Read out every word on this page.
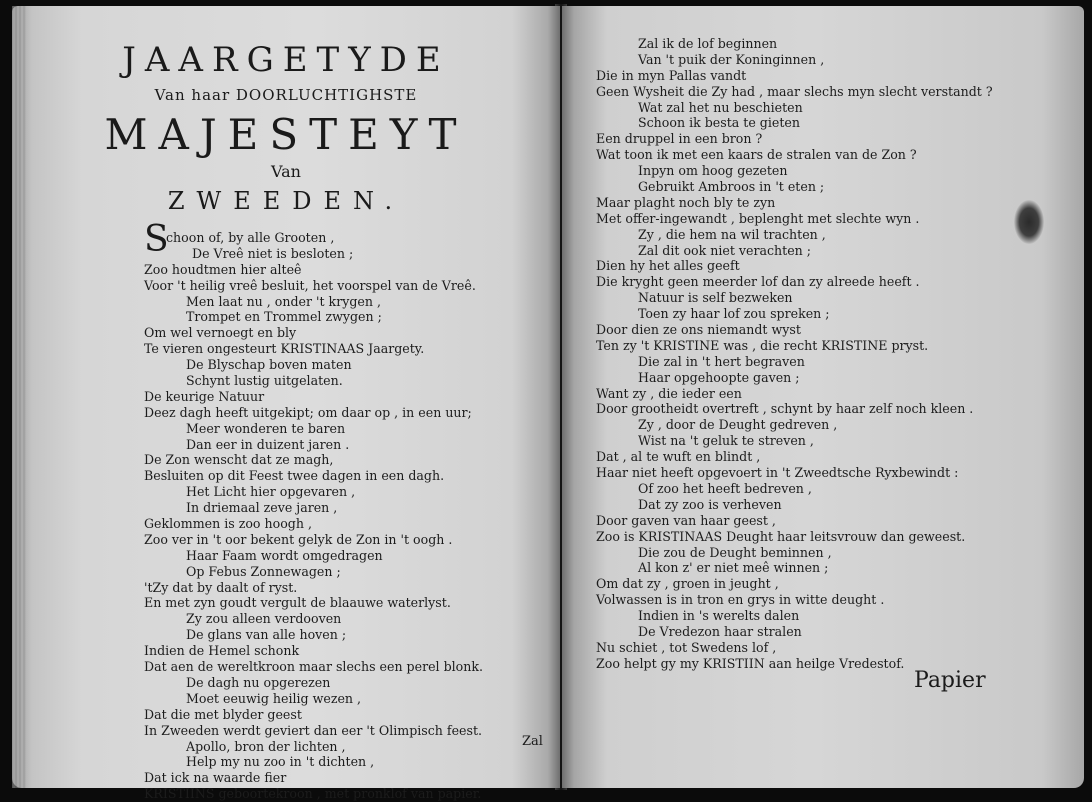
JAARGETYDE
Van haar DOORLUCHTIGHSTE
MAJESTEYT
Van
ZWEEDEN.
S
choon of, by alle Grooten ,
De Vreê niet is besloten ;
Zoo houdtmen hier alteê
Voor 't heilig vreê besluit, het voorspel van de Vreê.
Men laat nu , onder 't krygen ,
Trompet en Trommel zwygen ;
Om wel vernoegt en bly
Te vieren ongesteurt KRISTINAAS Jaargety.
De Blyschap boven maten
Schynt lustig uitgelaten.
De keurige Natuur
Deez dagh heeft uitgekipt; om daar op , in een uur;
Meer wonderen te baren
Dan eer in duizent jaren .
De Zon wenscht dat ze magh,
Besluiten op dit Feest twee dagen in een dagh.
Het Licht hier opgevaren ,
In driemaal zeve jaren ,
Geklommen is zoo hoogh ,
Zoo ver in 't oor bekent gelyk de Zon in 't oogh .
Haar Faam wordt omgedragen
Op Febus Zonnewagen ;
'tZy dat by daalt of ryst.
En met zyn goudt vergult de blaauwe waterlyst.
Zy zou alleen verdooven
De glans van alle hoven ;
Indien de Hemel schonk
Dat aen de wereltkroon maar slechs een perel blonk.
De dagh nu opgerezen
Moet eeuwig heilig wezen ,
Dat die met blyder geest
In Zweeden werdt geviert dan eer 't Olimpisch feest.
Apollo, bron der lichten ,
Help my nu zoo in 't dichten ,
Dat ick na waarde fier
KRISTIINS geboortekroon , met pronklof van papier.
Zal
Zal ik de lof beginnen
Van 't puik der Koninginnen ,
Die in myn Pallas vandt
Geen Wysheit die Zy had , maar slechs myn slecht verstandt ?
Wat zal het nu beschieten
Schoon ik besta te gieten
Een druppel in een bron ?
Wat toon ik met een kaars de stralen van de Zon ?
Inpyn om hoog gezeten
Gebruikt Ambroos in 't eten ;
Maar plaght noch bly te zyn
Met offer-ingewandt , beplenght met slechte wyn .
Zy , die hem na wil trachten ,
Zal dit ook niet verachten ;
Dien hy het alles geeft
Die kryght geen meerder lof dan zy alreede heeft .
Natuur is self bezweken
Toen zy haar lof zou spreken ;
Door dien ze ons niemandt wyst
Ten zy 't KRISTINE was , die recht KRISTINE pryst.
Die zal in 't hert begraven
Haar opgehoopte gaven ;
Want zy , die ieder een
Door grootheidt overtreft , schynt by haar zelf noch kleen .
Zy , door de Deught gedreven ,
Wist na 't geluk te streven ,
Dat , al te wuft en blindt ,
Haar niet heeft opgevoert in 't Zweedtsche Ryxbewindt :
Of zoo het heeft bedreven ,
Dat zy zoo is verheven
Door gaven van haar geest ,
Zoo is KRISTINAAS Deught haar leitsvrouw dan geweest.
Die zou de Deught beminnen ,
Al kon z' er niet meê winnen ;
Om dat zy , groen in jeught ,
Volwassen is in tron en grys in witte deught .
Indien in 's werelts dalen
De Vredezon haar stralen
Nu schiet , tot Swedens lof ,
Zoo helpt gy my KRISTIIN aan heilge Vredestof.
Papier
